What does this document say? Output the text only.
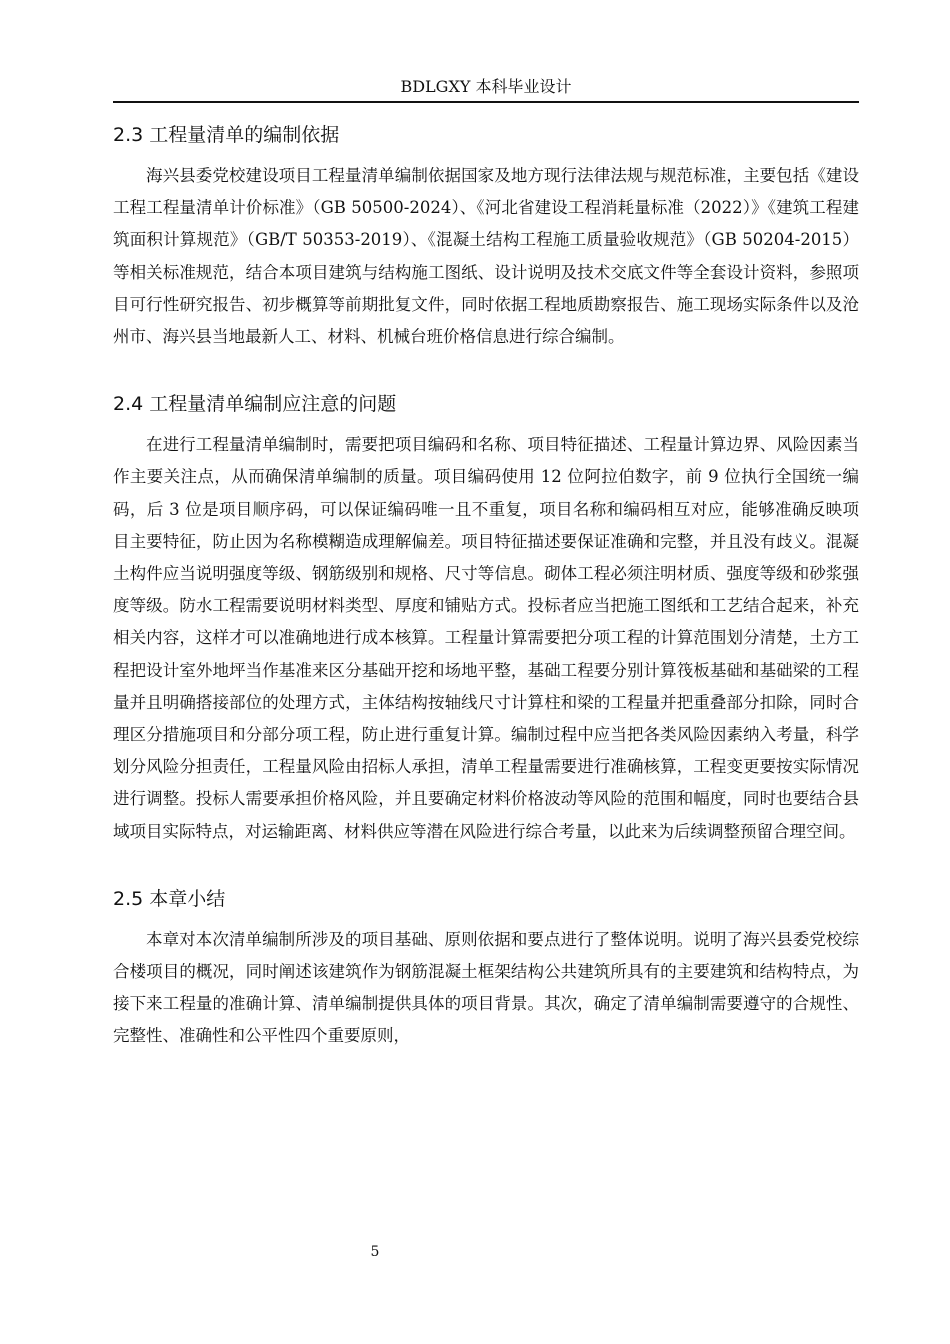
BDLGXY 本科毕业设计
2.3 工程量清单的编制依据

海兴县委党校建设项目工程量清单编制依据国家及地方现行法律法规与规范标准，主要包括《建设工程工程量清单计价标准》（GB 50500-2024）、《河北省建设工程消耗量标准（2022）》《建筑工程建筑面积计算规范》（GB/T 50353-2019）、《混凝土结构工程施工质量验收规范》（GB 50204-2015）等相关标准规范，结合本项目建筑与结构施工图纸、设计说明及技术交底文件等全套设计资料，参照项目可行性研究报告、初步概算等前期批复文件，同时依据工程地质勘察报告、施工现场实际条件以及沧州市、海兴县当地最新人工、材料、机械台班价格信息进行综合编制。

2.4 工程量清单编制应注意的问题

在进行工程量清单编制时，需要把项目编码和名称、项目特征描述、工程量计算边界、风险因素当作主要关注点，从而确保清单编制的质量。项目编码使用 12 位阿拉伯数字，前 9 位执行全国统一编码，后 3 位是项目顺序码，可以保证编码唯一且不重复，项目名称和编码相互对应，能够准确反映项目主要特征，防止因为名称模糊造成理解偏差。项目特征描述要保证准确和完整，并且没有歧义。混凝土构件应当说明强度等级、钢筋级别和规格、尺寸等信息。砌体工程必须注明材质、强度等级和砂浆强度等级。防水工程需要说明材料类型、厚度和铺贴方式。投标者应当把施工图纸和工艺结合起来，补充相关内容，这样才可以准确地进行成本核算。工程量计算需要把分项工程的计算范围划分清楚，土方工程把设计室外地坪当作基准来区分基础开挖和场地平整，基础工程要分别计算筏板基础和基础梁的工程量并且明确搭接部位的处理方式，主体结构按轴线尺寸计算柱和梁的工程量并把重叠部分扣除，同时合理区分措施项目和分部分项工程，防止进行重复计算。编制过程中应当把各类风险因素纳入考量，科学划分风险分担责任，工程量风险由招标人承担，清单工程量需要进行准确核算，工程变更要按实际情况进行调整。投标人需要承担价格风险，并且要确定材料价格波动等风险的范围和幅度，同时也要结合县域项目实际特点，对运输距离、材料供应等潜在风险进行综合考量，以此来为后续调整预留合理空间。

2.5 本章小结

本章对本次清单编制所涉及的项目基础、原则依据和要点进行了整体说明。说明了海兴县委党校综合楼项目的概况，同时阐述该建筑作为钢筋混凝土框架结构公共建筑所具有的主要建筑和结构特点，为接下来工程量的准确计算、清单编制提供具体的项目背景。其次，确定了清单编制需要遵守的合规性、完整性、准确性和公平性四个重要原则，

5
